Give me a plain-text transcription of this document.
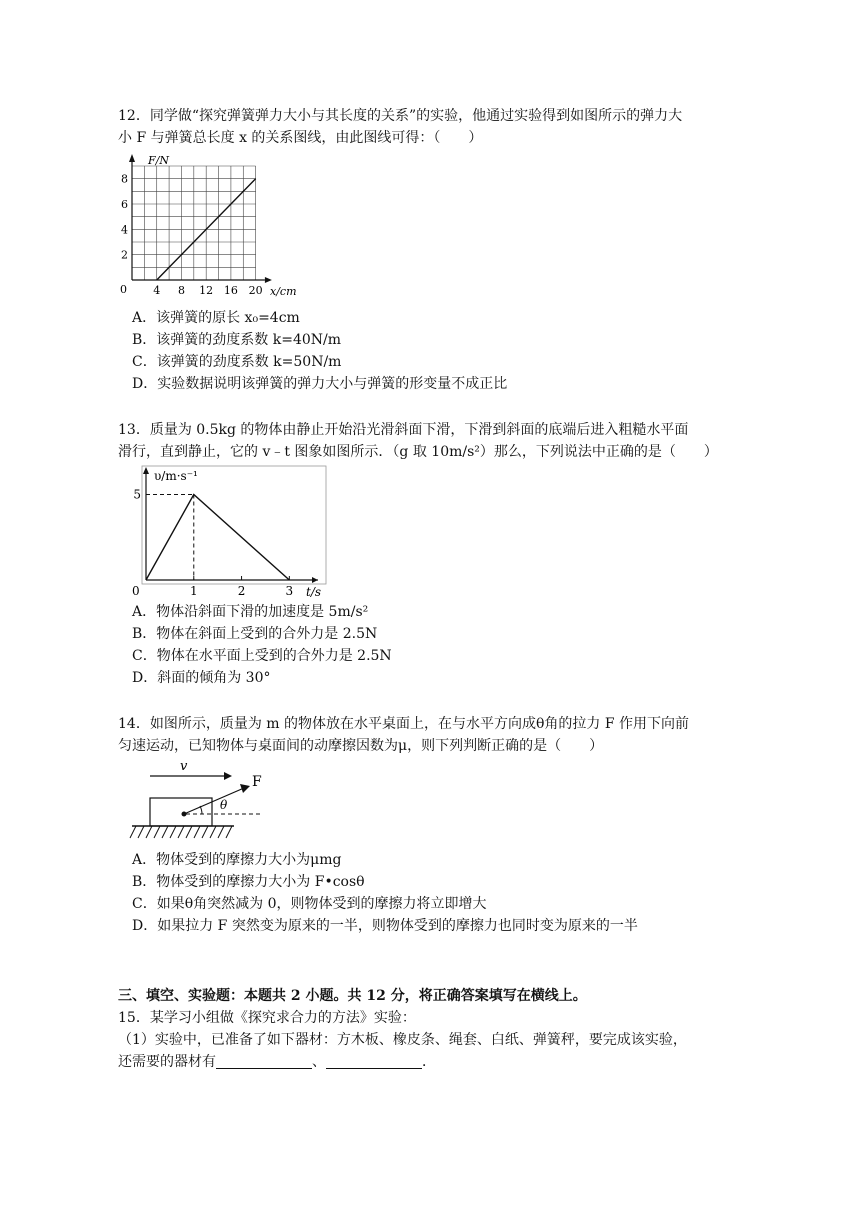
12．同学做“探究弹簧弹力大小与其长度的关系”的实验，他通过实验得到如图所示的弹力大
小 F 与弹簧总长度 x 的关系图线，由此图线可得：（　　）
4 8 12 16 20
2
4
6
8
F/N
x/cm
0
A．该弹簧的原长 x₀=4cm
B．该弹簧的劲度系数 k=40N/m
C．该弹簧的劲度系数 k=50N/m
D．实验数据说明该弹簧的弹力大小与弹簧的形变量不成正比
13．质量为 0.5kg 的物体由静止开始沿光滑斜面下滑，下滑到斜面的底端后进入粗糙水平面
滑行，直到静止，它的 v﹣t 图象如图所示．（g 取 10m/s²）那么，下列说法中正确的是（　　）
1	2	3
5
υ/m·s⁻¹
t/s
0
A．物体沿斜面下滑的加速度是 5m/s²
B．物体在斜面上受到的合外力是 2.5N
C．物体在水平面上受到的合外力是 2.5N
D．斜面的倾角为 30°
14．如图所示，质量为 m 的物体放在水平桌面上，在与水平方向成θ角的拉力 F 作用下向前
匀速运动，已知物体与桌面间的动摩擦因数为μ，则下列判断正确的是（　　）
v
F
θ
A．物体受到的摩擦力大小为μmg
B．物体受到的摩擦力大小为 F•cosθ
C．如果θ角突然减为 0，则物体受到的摩擦力将立即增大
D．如果拉力 F 突然变为原来的一半，则物体受到的摩擦力也同时变为原来的一半
三、填空、实验题：本题共 2 小题。共 12 分，将正确答案填写在横线上。
15．某学习小组做《探究求合力的方法》实验：
（1）实验中，已准备了如下器材：方木板、橡皮条、绳套、白纸、弹簧秤，要完成该实验，
还需要的器材有	、	．
